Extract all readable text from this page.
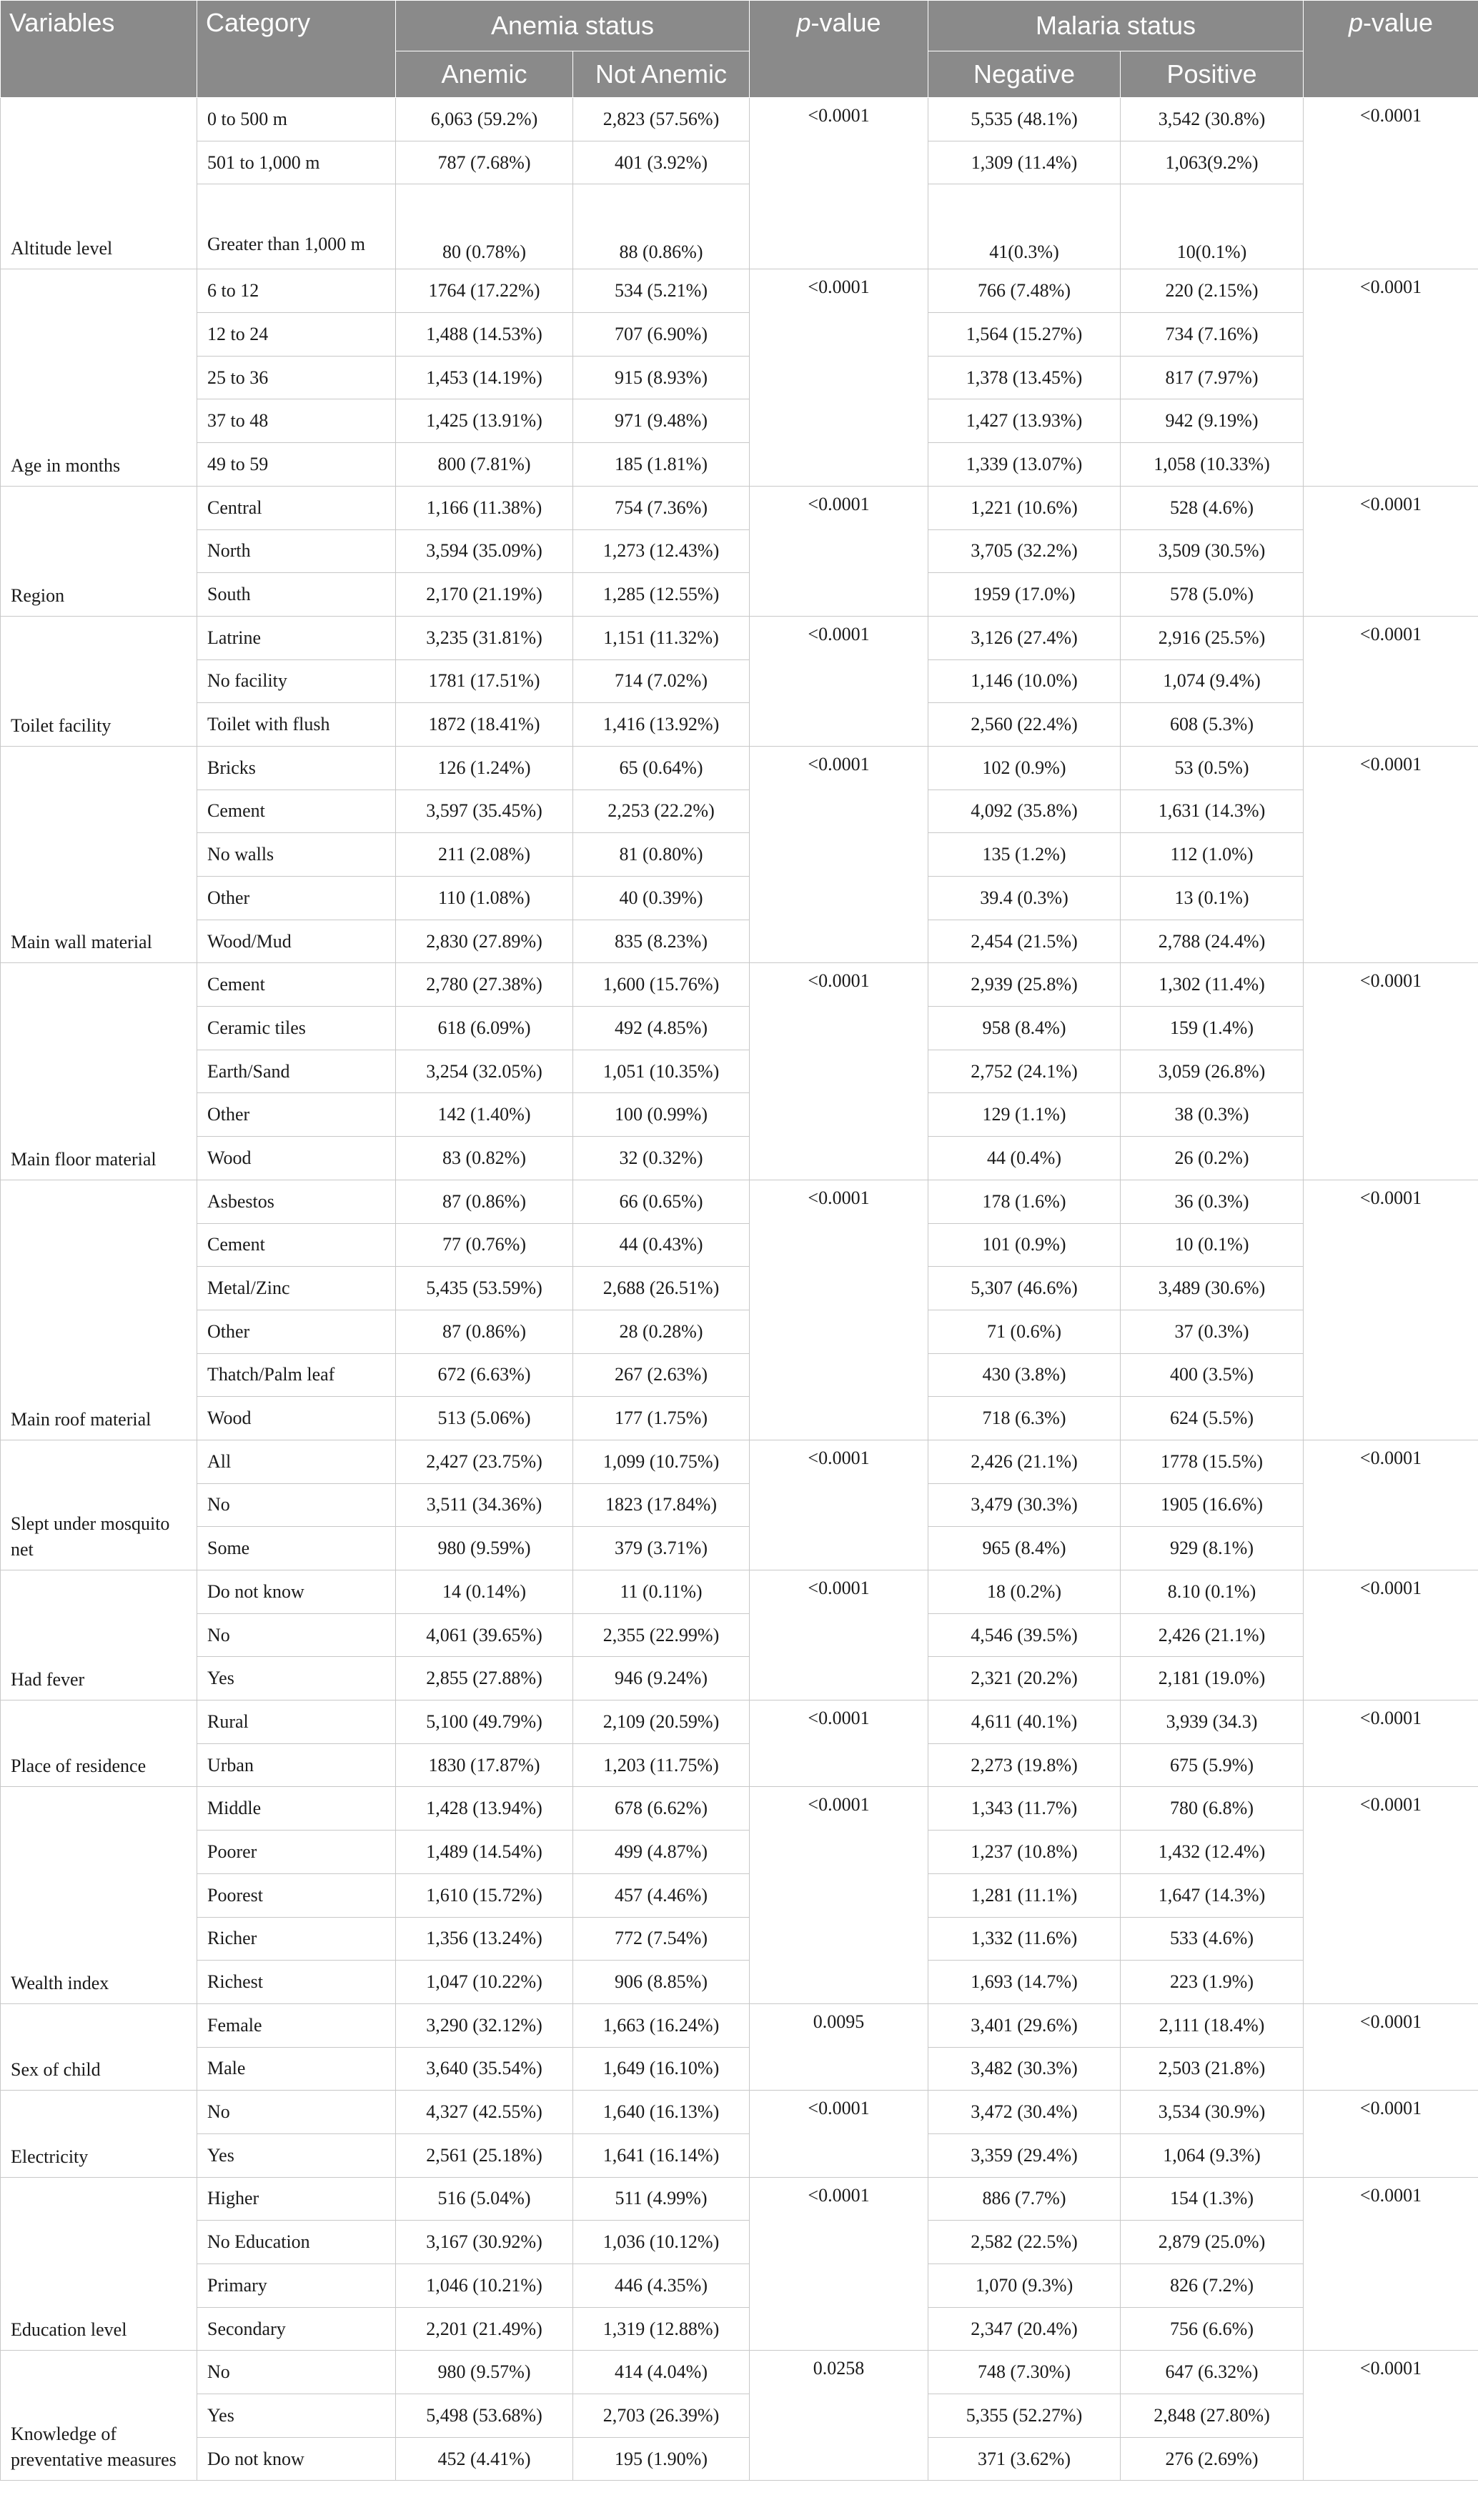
Variables	Category	Anemia status		p-value	Malaria status		p-value
		Anemic	Not Anemic		Negative	Positive	
Altitude level	0 to 500 m	6,063 (59.2%)	2,823 (57.56%)	<0.0001	5,535 (48.1%)	3,542 (30.8%)	<0.0001
	501 to 1,000 m	787 (7.68%)	401 (3.92%)		1,309 (11.4%)	1,063(9.2%)	
	Greater than 1,000 m	80 (0.78%)	88 (0.86%)		41(0.3%)	10(0.1%)	
Age in months	6 to 12	1764 (17.22%)	534 (5.21%)	<0.0001	766 (7.48%)	220 (2.15%)	<0.0001
	12 to 24	1,488 (14.53%)	707 (6.90%)		1,564 (15.27%)	734 (7.16%)	
	25 to 36	1,453 (14.19%)	915 (8.93%)		1,378 (13.45%)	817 (7.97%)	
	37 to 48	1,425 (13.91%)	971 (9.48%)		1,427 (13.93%)	942 (9.19%)	
	49 to 59	800 (7.81%)	185 (1.81%)		1,339 (13.07%)	1,058 (10.33%)	
Region	Central	1,166 (11.38%)	754 (7.36%)	<0.0001	1,221 (10.6%)	528 (4.6%)	<0.0001
	North	3,594 (35.09%)	1,273 (12.43%)		3,705 (32.2%)	3,509 (30.5%)	
	South	2,170 (21.19%)	1,285 (12.55%)		1959 (17.0%)	578 (5.0%)	
Toilet facility	Latrine	3,235 (31.81%)	1,151 (11.32%)	<0.0001	3,126 (27.4%)	2,916 (25.5%)	<0.0001
	No facility	1781 (17.51%)	714 (7.02%)		1,146 (10.0%)	1,074 (9.4%)	
	Toilet with flush	1872 (18.41%)	1,416 (13.92%)		2,560 (22.4%)	608 (5.3%)	
Main wall material	Bricks	126 (1.24%)	65 (0.64%)	<0.0001	102 (0.9%)	53 (0.5%)	<0.0001
	Cement	3,597 (35.45%)	2,253 (22.2%)		4,092 (35.8%)	1,631 (14.3%)	
	No walls	211 (2.08%)	81 (0.80%)		135 (1.2%)	112 (1.0%)	
	Other	110 (1.08%)	40 (0.39%)		39.4 (0.3%)	13 (0.1%)	
	Wood/Mud	2,830 (27.89%)	835 (8.23%)		2,454 (21.5%)	2,788 (24.4%)	
Main floor material	Cement	2,780 (27.38%)	1,600 (15.76%)	<0.0001	2,939 (25.8%)	1,302 (11.4%)	<0.0001
	Ceramic tiles	618 (6.09%)	492 (4.85%)		958 (8.4%)	159 (1.4%)	
	Earth/Sand	3,254 (32.05%)	1,051 (10.35%)		2,752 (24.1%)	3,059 (26.8%)	
	Other	142 (1.40%)	100 (0.99%)		129 (1.1%)	38 (0.3%)	
	Wood	83 (0.82%)	32 (0.32%)		44 (0.4%)	26 (0.2%)	
Main roof material	Asbestos	87 (0.86%)	66 (0.65%)	<0.0001	178 (1.6%)	36 (0.3%)	<0.0001
	Cement	77 (0.76%)	44 (0.43%)		101 (0.9%)	10 (0.1%)	
	Metal/Zinc	5,435 (53.59%)	2,688 (26.51%)		5,307 (46.6%)	3,489 (30.6%)	
	Other	87 (0.86%)	28 (0.28%)		71 (0.6%)	37 (0.3%)	
	Thatch/Palm leaf	672 (6.63%)	267 (2.63%)		430 (3.8%)	400 (3.5%)	
	Wood	513 (5.06%)	177 (1.75%)		718 (6.3%)	624 (5.5%)	
Slept under mosquito net	All	2,427 (23.75%)	1,099 (10.75%)	<0.0001	2,426 (21.1%)	1778 (15.5%)	<0.0001
	No	3,511 (34.36%)	1823 (17.84%)		3,479 (30.3%)	1905 (16.6%)	
	Some	980 (9.59%)	379 (3.71%)		965 (8.4%)	929 (8.1%)	
Had fever	Do not know	14 (0.14%)	11 (0.11%)	<0.0001	18 (0.2%)	8.10 (0.1%)	<0.0001
	No	4,061 (39.65%)	2,355 (22.99%)		4,546 (39.5%)	2,426 (21.1%)	
	Yes	2,855 (27.88%)	946 (9.24%)		2,321 (20.2%)	2,181 (19.0%)	
Place of residence	Rural	5,100 (49.79%)	2,109 (20.59%)	<0.0001	4,611 (40.1%)	3,939 (34.3)	<0.0001
	Urban	1830 (17.87%)	1,203 (11.75%)		2,273 (19.8%)	675 (5.9%)	
Wealth index	Middle	1,428 (13.94%)	678 (6.62%)	<0.0001	1,343 (11.7%)	780 (6.8%)	<0.0001
	Poorer	1,489 (14.54%)	499 (4.87%)		1,237 (10.8%)	1,432 (12.4%)	
	Poorest	1,610 (15.72%)	457 (4.46%)		1,281 (11.1%)	1,647 (14.3%)	
	Richer	1,356 (13.24%)	772 (7.54%)		1,332 (11.6%)	533 (4.6%)	
	Richest	1,047 (10.22%)	906 (8.85%)		1,693 (14.7%)	223 (1.9%)	
Sex of child	Female	3,290 (32.12%)	1,663 (16.24%)	0.0095	3,401 (29.6%)	2,111 (18.4%)	<0.0001
	Male	3,640 (35.54%)	1,649 (16.10%)		3,482 (30.3%)	2,503 (21.8%)	
Electricity	No	4,327 (42.55%)	1,640 (16.13%)	<0.0001	3,472 (30.4%)	3,534 (30.9%)	<0.0001
	Yes	2,561 (25.18%)	1,641 (16.14%)		3,359 (29.4%)	1,064 (9.3%)	
Education level	Higher	516 (5.04%)	511 (4.99%)	<0.0001	886 (7.7%)	154 (1.3%)	<0.0001
	No Education	3,167 (30.92%)	1,036 (10.12%)		2,582 (22.5%)	2,879 (25.0%)	
	Primary	1,046 (10.21%)	446 (4.35%)		1,070 (9.3%)	826 (7.2%)	
	Secondary	2,201 (21.49%)	1,319 (12.88%)		2,347 (20.4%)	756 (6.6%)	
Knowledge of preventative measures	No	980 (9.57%)	414 (4.04%)	0.0258	748 (7.30%)	647 (6.32%)	<0.0001
	Yes	5,498 (53.68%)	2,703 (26.39%)		5,355 (52.27%)	2,848 (27.80%)	
	Do not know	452 (4.41%)	195 (1.90%)		371 (3.62%)	276 (2.69%)	
